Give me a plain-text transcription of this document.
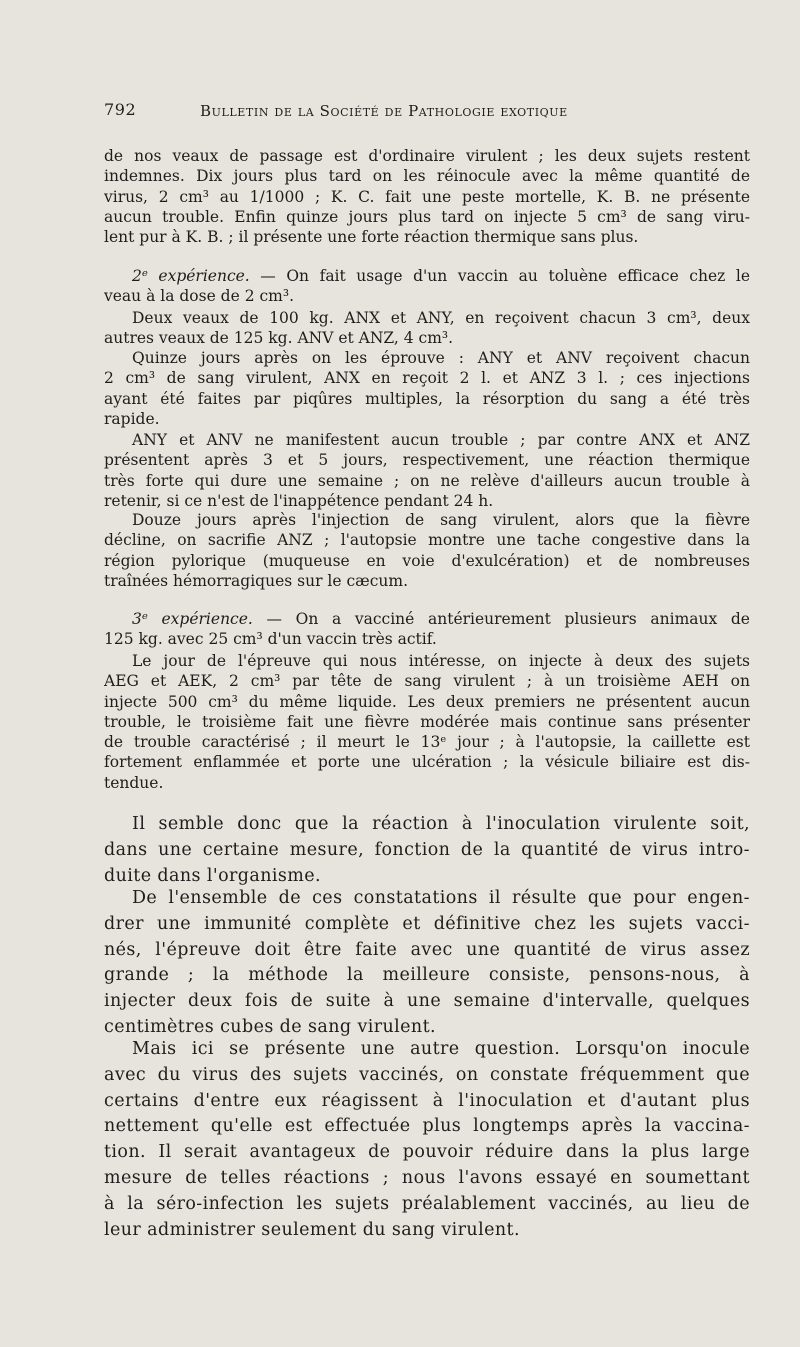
792	Bulletin de la Société de Pathologie exotique
de nos veaux de passage est d'ordinaire virulent ; les deux sujets restent
indemnes. Dix jours plus tard on les réinocule avec la même quantité de
virus, 2 cm³ au 1/1000 ; K. C. fait une peste mortelle, K. B. ne présente
aucun trouble. Enfin quinze jours plus tard on injecte 5 cm³ de sang viru-
lent pur à K. B. ; il présente une forte réaction thermique sans plus.
2ᵉ expérience. — On fait usage d'un vaccin au toluène efficace chez le
veau à la dose de 2 cm³.
Deux veaux de 100 kg. ANX et ANY, en reçoivent chacun 3 cm³, deux
autres veaux de 125 kg. ANV et ANZ, 4 cm³.
Quinze jours après on les éprouve : ANY et ANV reçoivent chacun
2 cm³ de sang virulent, ANX en reçoit 2 l. et ANZ 3 l. ; ces injections
ayant été faites par piqûres multiples, la résorption du sang a été très
rapide.
ANY et ANV ne manifestent aucun trouble ; par contre ANX et ANZ
présentent après 3 et 5 jours, respectivement, une réaction thermique
très forte qui dure une semaine ; on ne relève d'ailleurs aucun trouble à
retenir, si ce n'est de l'inappétence pendant 24 h.
Douze jours après l'injection de sang virulent, alors que la fièvre
décline, on sacrifie ANZ ; l'autopsie montre une tache congestive dans la
région pylorique (muqueuse en voie d'exulcération) et de nombreuses
traînées hémorragiques sur le cæcum.
3ᵉ expérience. — On a vacciné antérieurement plusieurs animaux de
125 kg. avec 25 cm³ d'un vaccin très actif.
Le jour de l'épreuve qui nous intéresse, on injecte à deux des sujets
AEG et AEK, 2 cm³ par tête de sang virulent ; à un troisième AEH on
injecte 500 cm³ du même liquide. Les deux premiers ne présentent aucun
trouble, le troisième fait une fièvre modérée mais continue sans présenter
de trouble caractérisé ; il meurt le 13ᵉ jour ; à l'autopsie, la caillette est
fortement enflammée et porte une ulcération ; la vésicule biliaire est dis-
tendue.
Il semble donc que la réaction à l'inoculation virulente soit,
dans une certaine mesure, fonction de la quantité de virus intro-
duite dans l'organisme.
De l'ensemble de ces constatations il résulte que pour engen-
drer une immunité complète et définitive chez les sujets vacci-
nés, l'épreuve doit être faite avec une quantité de virus assez
grande ; la méthode la meilleure consiste, pensons-nous, à
injecter deux fois de suite à une semaine d'intervalle, quelques
centimètres cubes de sang virulent.
Mais ici se présente une autre question. Lorsqu'on inocule
avec du virus des sujets vaccinés, on constate fréquemment que
certains d'entre eux réagissent à l'inoculation et d'autant plus
nettement qu'elle est effectuée plus longtemps après la vaccina-
tion. Il serait avantageux de pouvoir réduire dans la plus large
mesure de telles réactions ; nous l'avons essayé en soumettant
à la séro-infection les sujets préalablement vaccinés, au lieu de
leur administrer seulement du sang virulent.
